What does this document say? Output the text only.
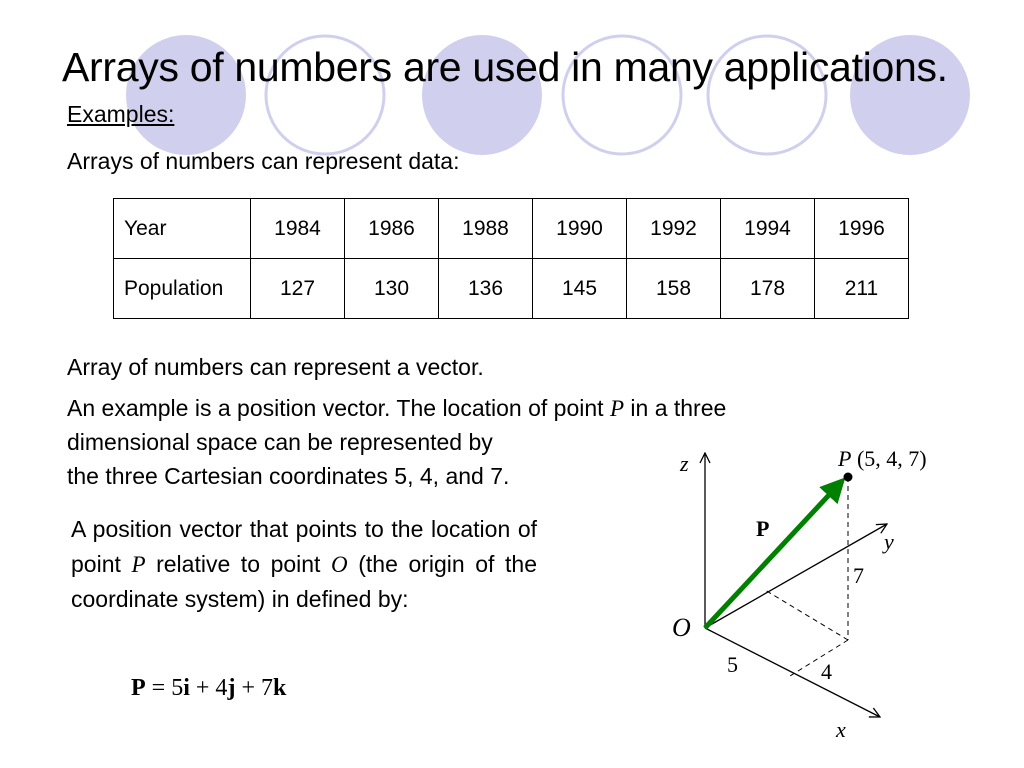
Arrays of numbers are used in many applications.
Examples:
Arrays of numbers can represent data:
Year	1984	1986	1988	1990	1992	1994	1996
Population	127	130	136	145	158	178	211
Array of numbers can represent a vector.
An example is a position vector. The location of point P in a three
dimensional space can be represented by
the three Cartesian coordinates 5, 4, and 7.
A position vector that points to the location of point P relative to point O (the origin of the coordinate system) in defined by:
P = 5i + 4j + 7k
z
y
x
O
P (5, 4, 7)
P
5	4
7
